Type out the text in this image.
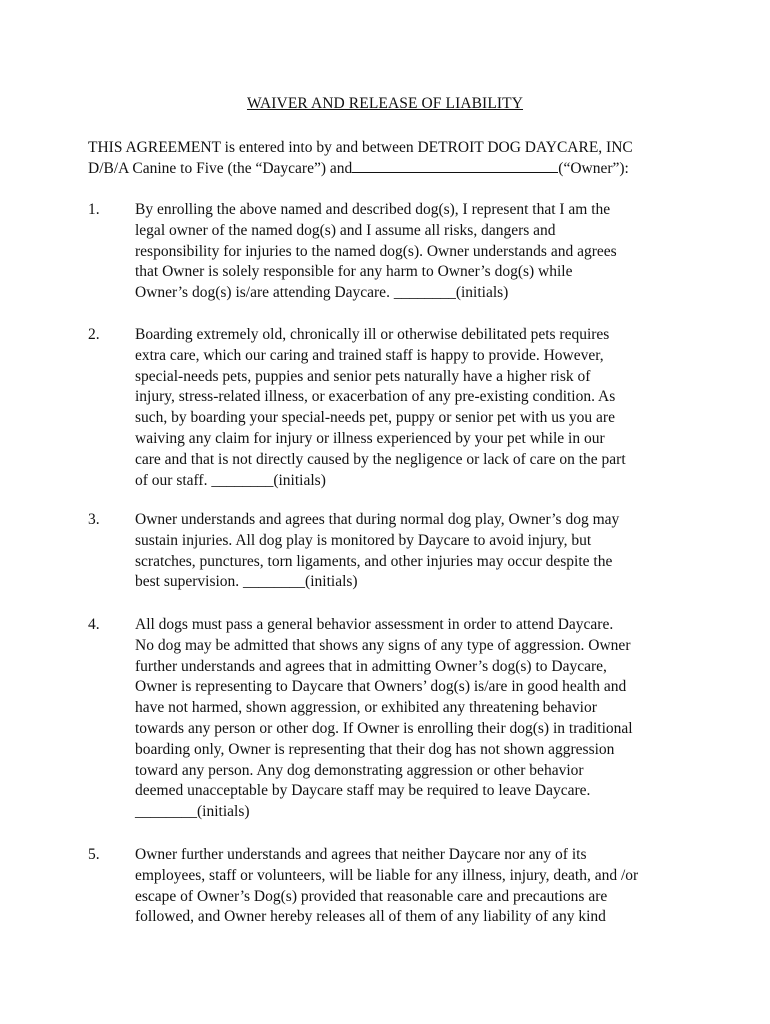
WAIVER AND RELEASE OF LIABILITY
THIS AGREEMENT is entered into by and between DETROIT DOG DAYCARE, INC
D/B/A Canine to Five (the “Daycare”) and	(“Owner”):
1. By enrolling the above named and described dog(s), I represent that I am the
legal owner of the named dog(s) and I assume all risks, dangers and
responsibility for injuries to the named dog(s). Owner understands and agrees
that Owner is solely responsible for any harm to Owner’s dog(s) while
Owner’s dog(s) is/are attending Daycare. ________(initials)
2. Boarding extremely old, chronically ill or otherwise debilitated pets requires
extra care, which our caring and trained staff is happy to provide. However,
special-needs pets, puppies and senior pets naturally have a higher risk of
injury, stress-related illness, or exacerbation of any pre-existing condition. As
such, by boarding your special-needs pet, puppy or senior pet with us you are
waiving any claim for injury or illness experienced by your pet while in our
care and that is not directly caused by the negligence or lack of care on the part
of our staff. ________(initials)
3. Owner understands and agrees that during normal dog play, Owner’s dog may
sustain injuries. All dog play is monitored by Daycare to avoid injury, but
scratches, punctures, torn ligaments, and other injuries may occur despite the
best supervision. ________(initials)
4. All dogs must pass a general behavior assessment in order to attend Daycare.
No dog may be admitted that shows any signs of any type of aggression. Owner
further understands and agrees that in admitting Owner’s dog(s) to Daycare,
Owner is representing to Daycare that Owners’ dog(s) is/are in good health and
have not harmed, shown aggression, or exhibited any threatening behavior
towards any person or other dog. If Owner is enrolling their dog(s) in traditional
boarding only, Owner is representing that their dog has not shown aggression
toward any person. Any dog demonstrating aggression or other behavior
deemed unacceptable by Daycare staff may be required to leave Daycare.
________(initials)
5. Owner further understands and agrees that neither Daycare nor any of its
employees, staff or volunteers, will be liable for any illness, injury, death, and /or
escape of Owner’s Dog(s) provided that reasonable care and precautions are
followed, and Owner hereby releases all of them of any liability of any kind
